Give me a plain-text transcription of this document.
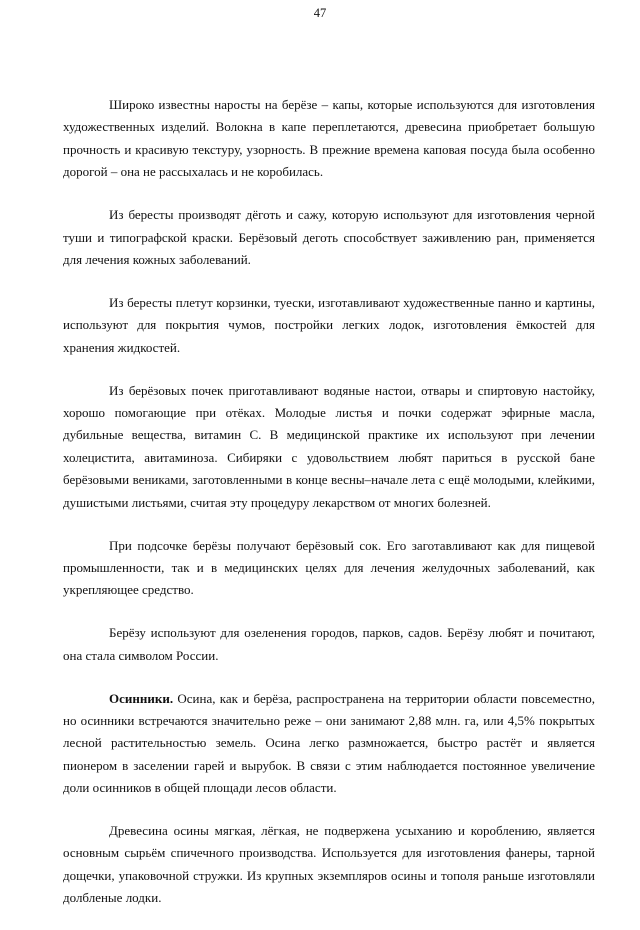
47

Широко известны наросты на берёзе – капы, которые используются для изготовления художественных изделий. Волокна в капе переплетаются, древесина приобретает большую прочность и красивую текстуру, узорность. В прежние времена каповая посуда была особенно дорогой – она не рассыхалась и не коробилась.

Из бересты производят дёготь и сажу, которую используют для изготовления черной туши и типографской краски. Берёзовый деготь способствует заживлению ран, применяется для лечения кожных заболеваний.

Из бересты плетут корзинки, туески, изготавливают художественные панно и картины, используют для покрытия чумов, постройки легких лодок, изготовления ёмкостей для хранения жидкостей.

Из берёзовых почек приготавливают водяные настои, отвары и спиртовую настойку, хорошо помогающие при отёках. Молодые листья и почки содержат эфирные масла, дубильные вещества, витамин С. В медицинской практике их используют при лечении холецистита, авитаминоза. Сибиряки с удовольствием любят париться в русской бане берёзовыми вениками, заготовленными в конце весны–начале лета с ещё молодыми, клейкими, душистыми листьями, считая эту процедуру лекарством от многих болезней.

При подсочке берёзы получают берёзовый сок. Его заготавливают как для пищевой промышленности, так и в медицинских целях для лечения желудочных заболеваний, как укрепляющее средство.

Берёзу используют для озеленения городов, парков, садов. Берёзу любят и почитают, она стала символом России.

Осинники. Осина, как и берёза, распространена на территории области повсеместно, но осинники встречаются значительно реже – они занимают 2,88 млн. га, или 4,5% покрытых лесной растительностью земель. Осина легко размножается, быстро растёт и является пионером в заселении гарей и вырубок. В связи с этим наблюдается постоянное увеличение доли осинников в общей площади лесов области.

Древесина осины мягкая, лёгкая, не подвержена усыханию и короблению, является основным сырьём спичечного производства. Используется для изготовления фанеры, тарной дощечки, упаковочной стружки. Из крупных экземпляров осины и тополя раньше изготовляли долбленые лодки.
